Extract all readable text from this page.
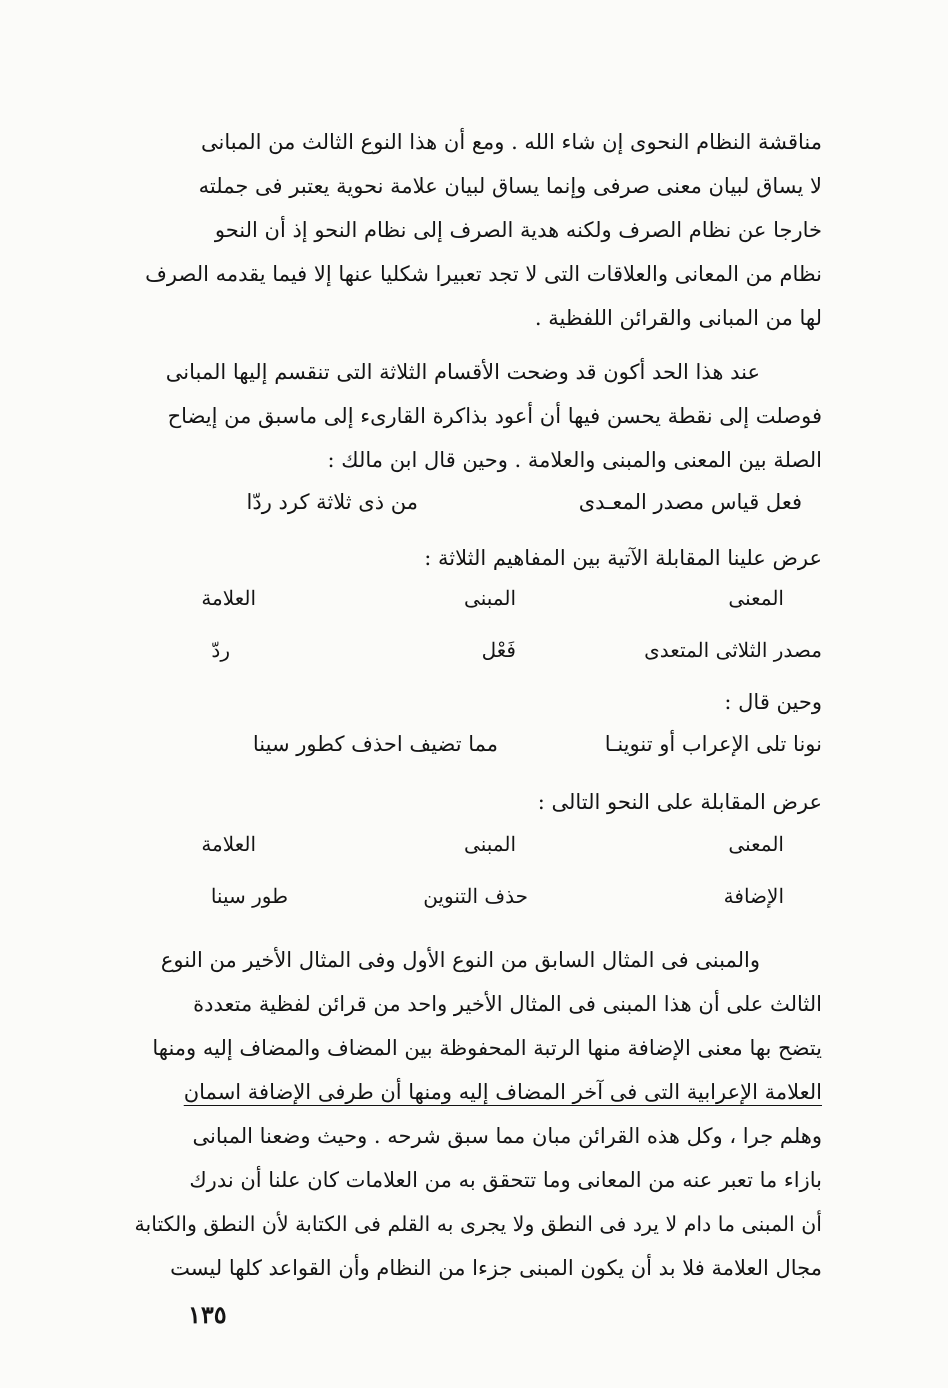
مناقشة النظام النحوى إن شاء الله . ومع أن هذا النوع الثالث من المبانى
لا يساق لبيان معنى صرفى وإنما يساق لبيان علامة نحوية يعتبر فى جملته
خارجا عن نظام الصرف ولكنه هدية الصرف إلى نظام النحو إذ أن النحو
نظام من المعانى والعلاقات التى لا تجد تعبيرا شكليا عنها إلا فيما يقدمه الصرف
لها من المبانى والقرائن اللفظية .
عند هذا الحد أكون قد وضحت الأقسام الثلاثة التى تنقسم إليها المبانى
فوصلت إلى نقطة يحسن فيها أن أعود بذاكرة القارىء إلى ماسبق من إيضاح
الصلة بين المعنى والمبنى والعلامة . وحين قال ابن مالك :
فعل قياس مصدر المعـدى
من ذى ثلاثة كرد ردّا
عرض علينا المقابلة الآتية بين المفاهيم الثلاثة :
المعنى
المبنى
العلامة
مصدر الثلاثى المتعدى
فَعْل
ردّ
وحين قال :
نونا تلى الإعراب أو تنوينـا
مما تضيف احذف كطور سينا
عرض المقابلة على النحو التالى :
المعنى
المبنى
العلامة
الإضافة
حذف التنوين
طور سينا
والمبنى فى المثال السابق من النوع الأول وفى المثال الأخير من النوع
الثالث على أن هذا المبنى فى المثال الأخير واحد من قرائن لفظية متعددة
يتضح بها معنى الإضافة منها الرتبة المحفوظة بين المضاف والمضاف إليه ومنها
العلامة الإعرابية التى فى آخر المضاف إليه ومنها أن طرفى الإضافة اسمان
وهلم جرا ، وكل هذه القرائن مبان مما سبق شرحه . وحيث وضعنا المبانى
بازاء ما تعبر عنه من المعانى وما تتحقق به من العلامات كان علنا أن ندرك
أن المبنى ما دام لا يرد فى النطق ولا يجرى به القلم فى الكتابة لأن النطق والكتابة
مجال العلامة فلا بد أن يكون المبنى جزءا من النظام وأن القواعد كلها ليست
١٣٥
